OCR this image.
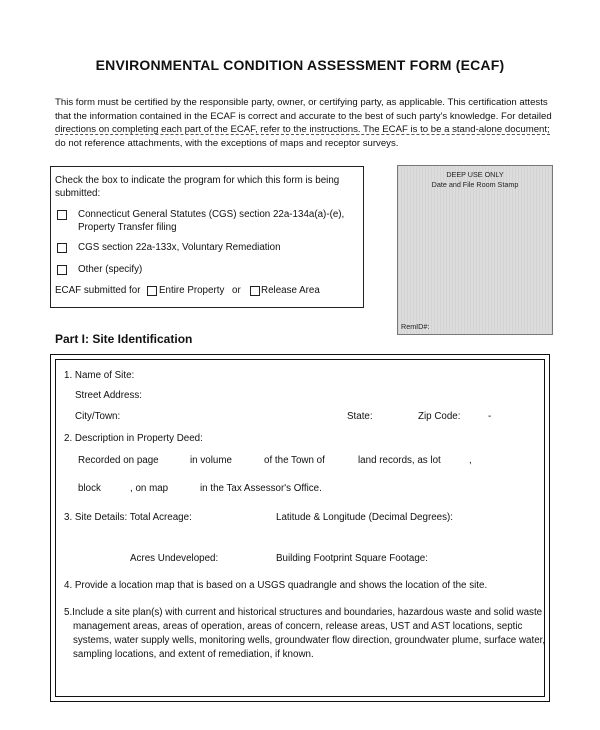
ENVIRONMENTAL CONDITION ASSESSMENT FORM (ECAF)
This form must be certified by the responsible party, owner, or certifying party, as applicable. This certification attests
that the information contained in the ECAF is correct and accurate to the best of such party's knowledge. For detailed
directions on completing each part of the ECAF, refer to the instructions. The ECAF is to be a stand-alone document;
do not reference attachments, with the exceptions of maps and receptor surveys.
Check the box to indicate the program for which this form is being
submitted:
Connecticut General Statutes (CGS) section 22a-134a(a)-(e),
Property Transfer filing
CGS section 22a-133x, Voluntary Remediation
Other (specify)
ECAF submitted for Entire Property or Release Area
DEEP USE ONLY
Date and File Room Stamp
RemID#:
Part I: Site Identification
1. Name of Site:
Street Address:
City/Town:	State:	Zip Code:	-
2. Description in Property Deed:
Recorded on page	in volume	of the Town of	land records, as lot	,
block	, on map	in the Tax Assessor's Office.
3. Site Details: Total Acreage:	Latitude & Longitude (Decimal Degrees):
Acres Undeveloped:	Building Footprint Square Footage:
4. Provide a location map that is based on a USGS quadrangle and shows the location of the site.
5.Include a site plan(s) with current and historical structures and boundaries, hazardous waste and solid waste
management areas, areas of operation, areas of concern, release areas, UST and AST locations, septic
systems, water supply wells, monitoring wells, groundwater flow direction, groundwater plume, surface water,
sampling locations, and extent of remediation, if known.
